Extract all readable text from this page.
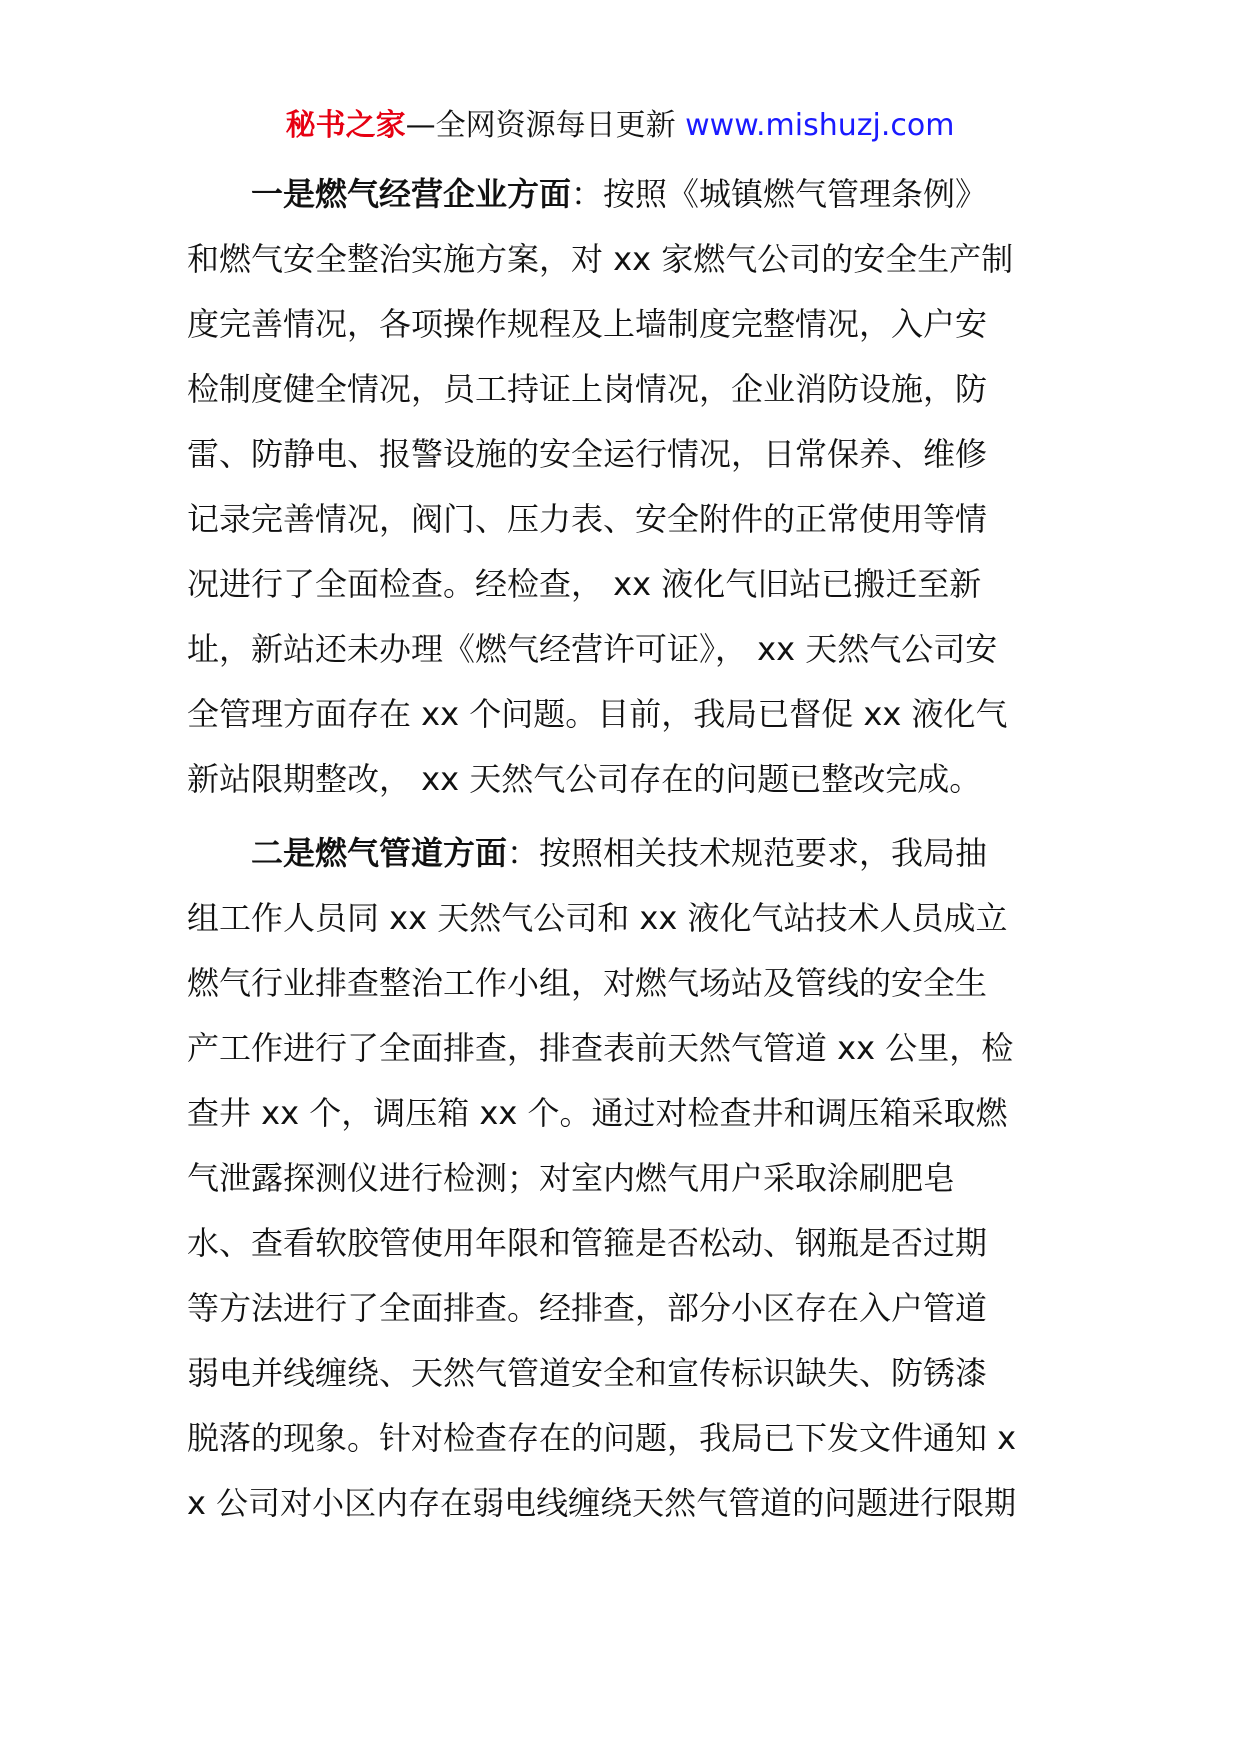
秘书之家—全网资源每日更新 www.mishuzj.com
一是燃气经营企业方面：按照《城镇燃气管理条例》
和燃气安全整治实施方案，对 xx 家燃气公司的安全生产制
度完善情况，各项操作规程及上墙制度完整情况，入户安
检制度健全情况，员工持证上岗情况，企业消防设施，防
雷、防静电、报警设施的安全运行情况，日常保养、维修
记录完善情况，阀门、压力表、安全附件的正常使用等情
况进行了全面检查。经检查， xx 液化气旧站已搬迁至新
址，新站还未办理《燃气经营许可证》， xx 天然气公司安
全管理方面存在 xx 个问题。目前，我局已督促 xx 液化气
新站限期整改， xx 天然气公司存在的问题已整改完成。
二是燃气管道方面：按照相关技术规范要求，我局抽
组工作人员同 xx 天然气公司和 xx 液化气站技术人员成立
燃气行业排查整治工作小组，对燃气场站及管线的安全生
产工作进行了全面排查，排查表前天然气管道 xx 公里，检
查井 xx 个，调压箱 xx 个。通过对检查井和调压箱采取燃
气泄露探测仪进行检测；对室内燃气用户采取涂刷肥皂
水、查看软胶管使用年限和管箍是否松动、钢瓶是否过期
等方法进行了全面排查。经排查，部分小区存在入户管道
弱电并线缠绕、天然气管道安全和宣传标识缺失、防锈漆
脱落的现象。针对检查存在的问题，我局已下发文件通知 x
x 公司对小区内存在弱电线缠绕天然气管道的问题进行限期
